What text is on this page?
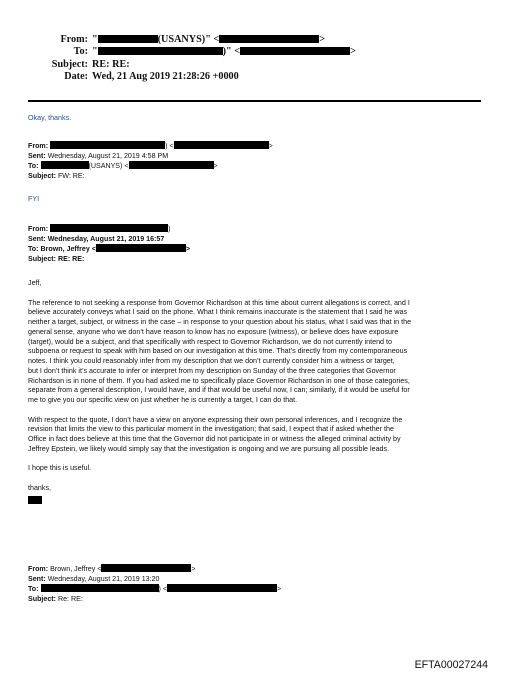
From: "	(USANYS)" <	>
To: "	)" <	>
Subject: RE: RE:
Date: Wed, 21 Aug 2019 21:28:26 +0000
Okay, thanks.
From:	) <	>
Sent: Wednesday, August 21, 2019 4:58 PM
To:	(USANYS) <	>
Subject: FW: RE:
FYI
From:	)
Sent: Wednesday, August 21, 2019 16:57
To: Brown, Jeffrey <	>
Subject: RE: RE:
Jeff,
The reference to not seeking a response from Governor Richardson at this time about current allegations is correct, and I
believe accurately conveys what I said on the phone. What I think remains inaccurate is the statement that I said he was
neither a target, subject, or witness in the case – in response to your question about his status, what I said was that in the
general sense, anyone who we don’t have reason to know has no exposure (witness), or believe does have exposure
(target), would be a subject, and that specifically with respect to Governor Richardson, we do not currently intend to
subpoena or request to speak with him based on our investigation at this time. That’s directly from my contemporaneous
notes. I think you could reasonably infer from my description that we don’t currently consider him a witness or target,
but I don’t think it’s accurate to infer or interpret from my description on Sunday of the three categories that Governor
Richardson is in none of them. If you had asked me to specifically place Governor Richardson in one of those categories,
separate from a general description, I would have, and if that would be useful now, I can; similarly, if it would be useful for
me to give you our specific view on just whether he is currently a target, I can do that.
With respect to the quote, I don’t have a view on anyone expressing their own personal inferences, and I recognize the
revision that limits the view to this particular moment in the investigation; that said, I expect that if asked whether the
Office in fact does believe at this time that the Governor did not participate in or witness the alleged criminal activity by
Jeffrey Epstein, we likely would simply say that the investigation is ongoing and we are pursuing all possible leads.
I hope this is useful.
thanks,
From: Brown, Jeffrey <	>
Sent: Wednesday, August 21, 2019 13:20
To:	) <	>
Subject: Re: RE:
EFTA00027244
